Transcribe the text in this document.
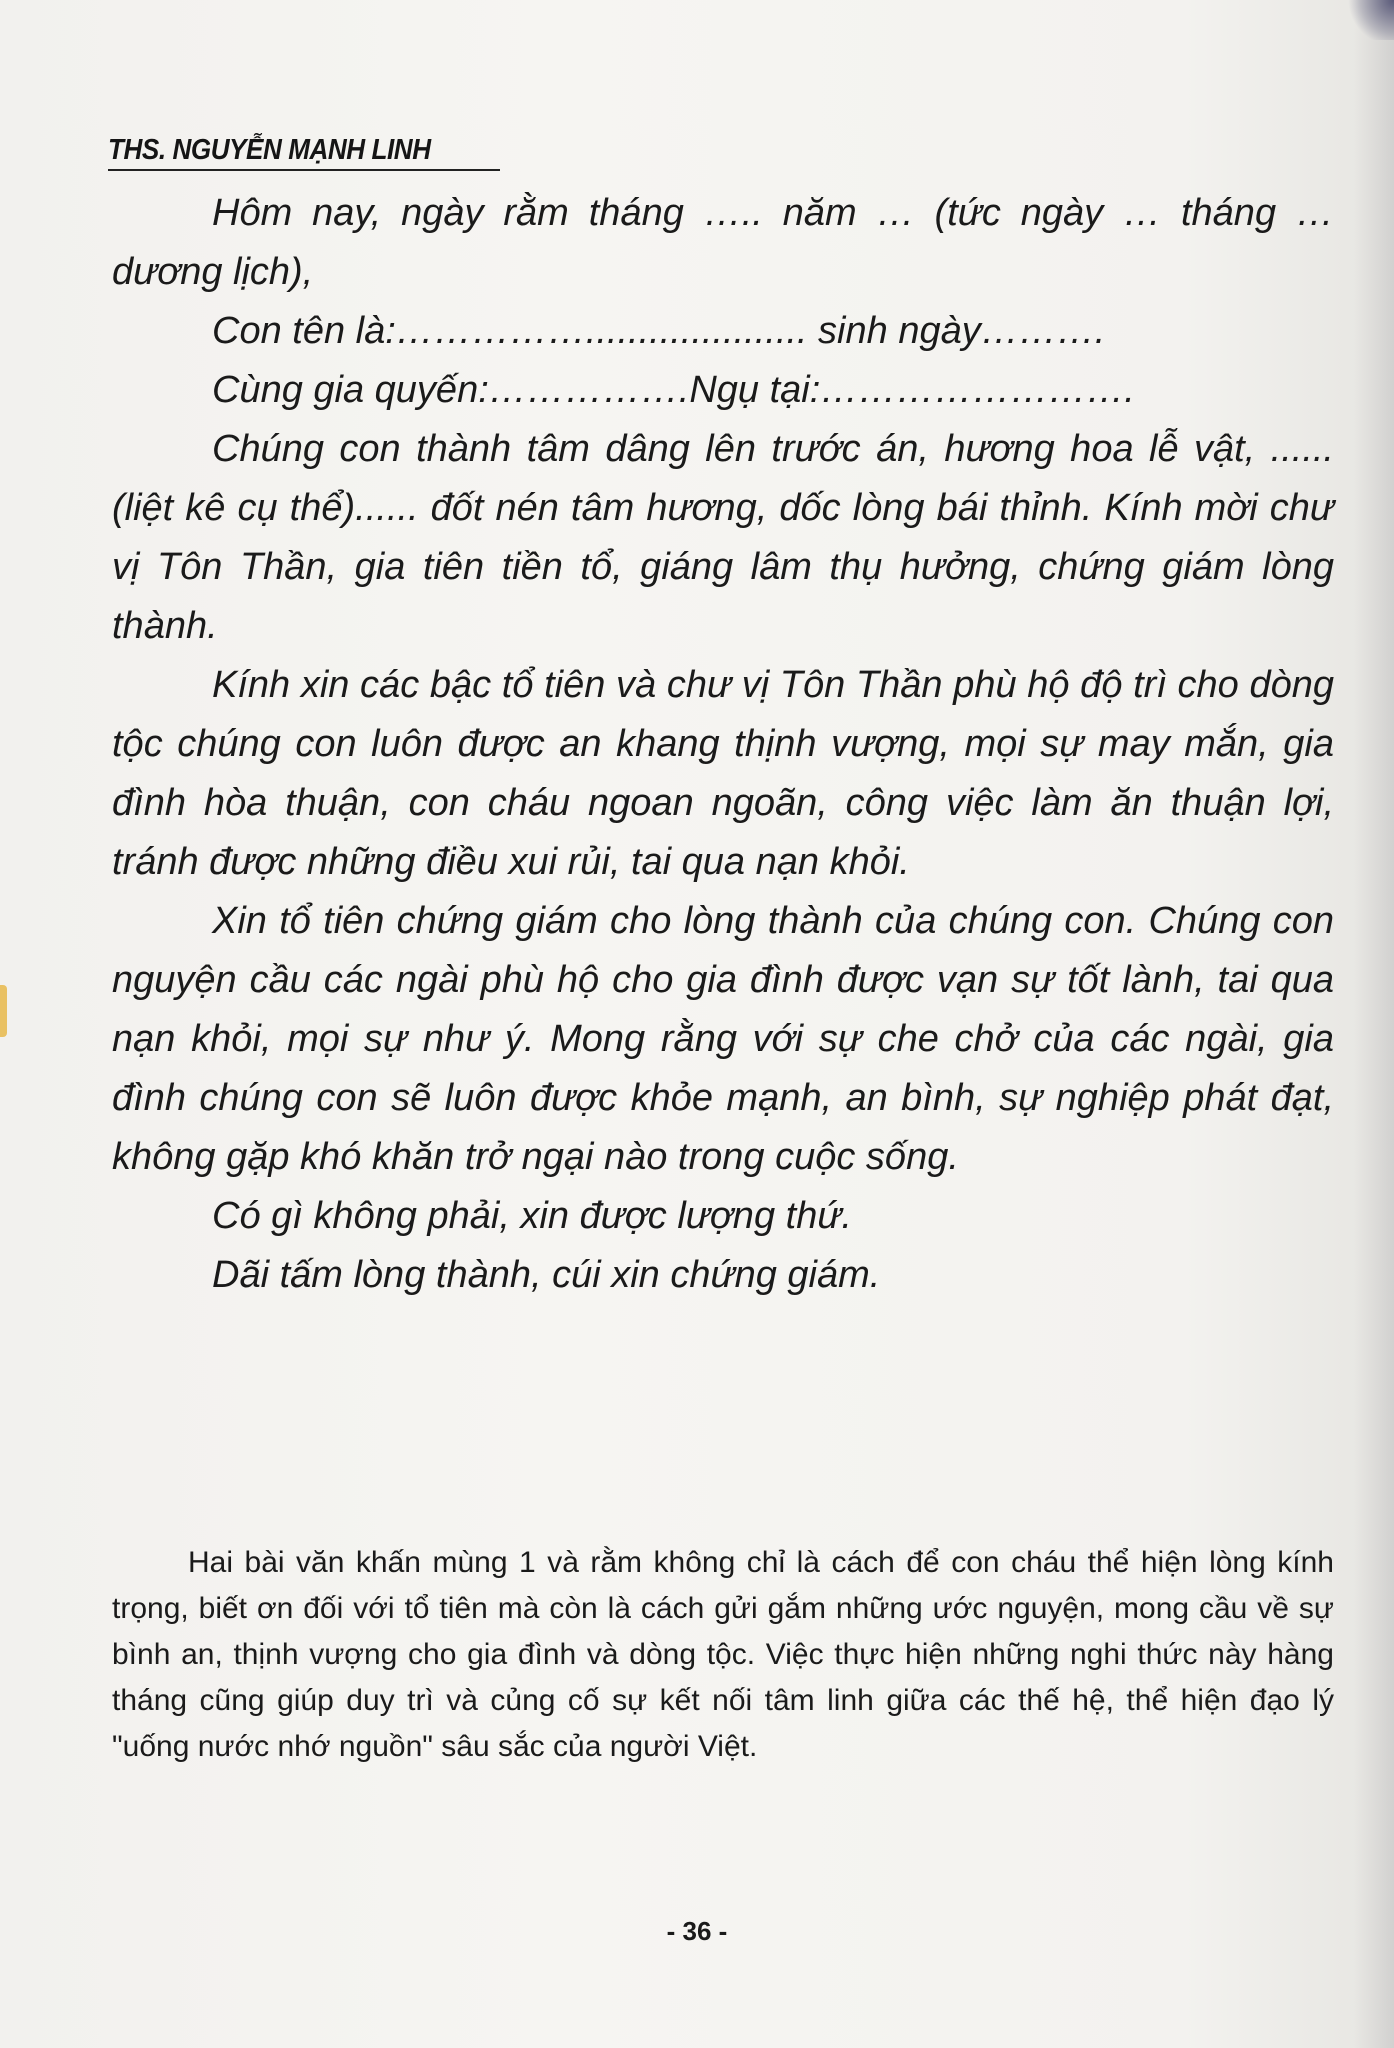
THS. NGUYỄN MẠNH LINH

Hôm nay, ngày rằm tháng ….. năm … (tức ngày … tháng … dương lịch),

Con tên là:……………..................... sinh ngày……….

Cùng gia quyến:…………….Ngụ tại:…………………….

Chúng con thành tâm dâng lên trước án, hương hoa lễ vật, ...... (liệt kê cụ thể)...... đốt nén tâm hương, dốc lòng bái thỉnh. Kính mời chư vị Tôn Thần, gia tiên tiền tổ, giáng lâm thụ hưởng, chứng giám lòng thành.

Kính xin các bậc tổ tiên và chư vị Tôn Thần phù hộ độ trì cho dòng tộc chúng con luôn được an khang thịnh vượng, mọi sự may mắn, gia đình hòa thuận, con cháu ngoan ngoãn, công việc làm ăn thuận lợi, tránh được những điều xui rủi, tai qua nạn khỏi.

Xin tổ tiên chứng giám cho lòng thành của chúng con. Chúng con nguyện cầu các ngài phù hộ cho gia đình được vạn sự tốt lành, tai qua nạn khỏi, mọi sự như ý. Mong rằng với sự che chở của các ngài, gia đình chúng con sẽ luôn được khỏe mạnh, an bình, sự nghiệp phát đạt, không gặp khó khăn trở ngại nào trong cuộc sống.

Có gì không phải, xin được lượng thứ.

Dãi tấm lòng thành, cúi xin chứng giám.

Hai bài văn khấn mùng 1 và rằm không chỉ là cách để con cháu thể hiện lòng kính trọng, biết ơn đối với tổ tiên mà còn là cách gửi gắm những ước nguyện, mong cầu về sự bình an, thịnh vượng cho gia đình và dòng tộc. Việc thực hiện những nghi thức này hàng tháng cũng giúp duy trì và củng cố sự kết nối tâm linh giữa các thế hệ, thể hiện đạo lý "uống nước nhớ nguồn" sâu sắc của người Việt.

- 36 -
